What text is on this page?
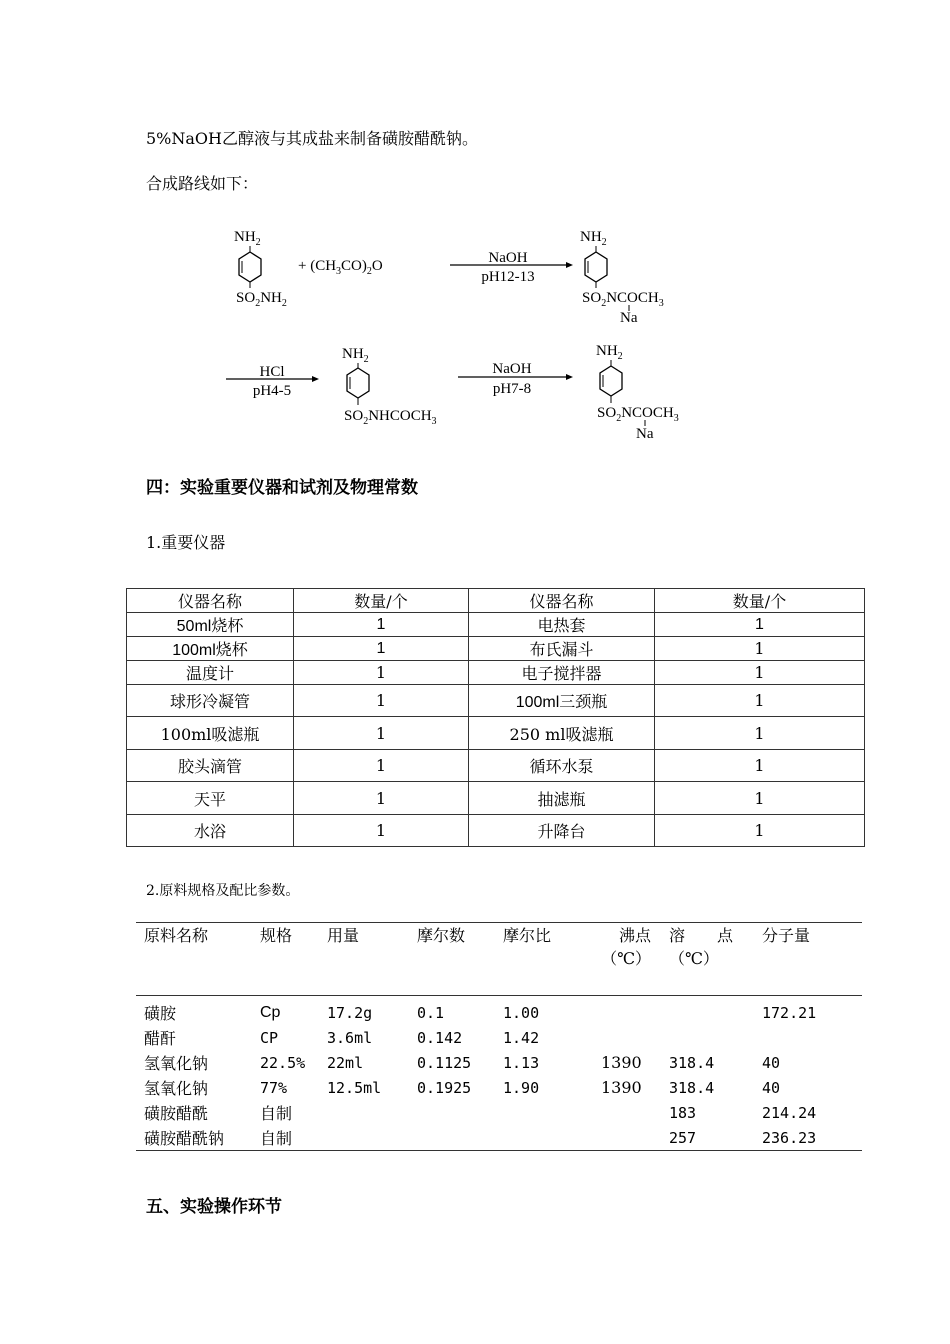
5%NaOH乙醇液与其成盐来制备磺胺醋酰钠。
合成路线如下：
$NH_2$
$SO_2NH_2$
+ $(CH_3CO)_2O$	NaOH
pH12-13
$NH_2$
$SO_2NCOCH_3$
Na
HCl
pH4-5
$NH_2$
$SO_2NHCOCH_3$
NaOH
pH7-8
$NH_2$
$SO_2NCOCH_3$
Na
四：实验重要仪器和试剂及物理常数
1.重要仪器
仪器名称	数量/个	仪器名称	数量/个
50ml烧杯	1	电热套	1
100ml烧杯	1	布氏漏斗	1
温度计	1	电子搅拌器	1
球形冷凝管	1	100ml三颈瓶	1
100ml吸滤瓶	1	250 ml吸滤瓶	1
胶头滴管	1	循环水泵	1
天平	1	抽滤瓶	1
水浴	1	升降台	1
2.原料规格及配比参数。
原料名称	规格	用量	摩尔数	摩尔比	沸点（℃）	溶　　点（℃）	分子量
磺胺	Cp	17.2g	0.1	1.00			172.21
醋酐	CP	3.6ml	0.142	1.42			
氢氧化钠	22.5%	22ml	0.1125	1.13	1390	318.4	40
氢氧化钠	77%	12.5ml	0.1925	1.90	1390	318.4	40
磺胺醋酰	自制					183	214.24
磺胺醋酰钠	自制					257	236.23
五、实验操作环节
